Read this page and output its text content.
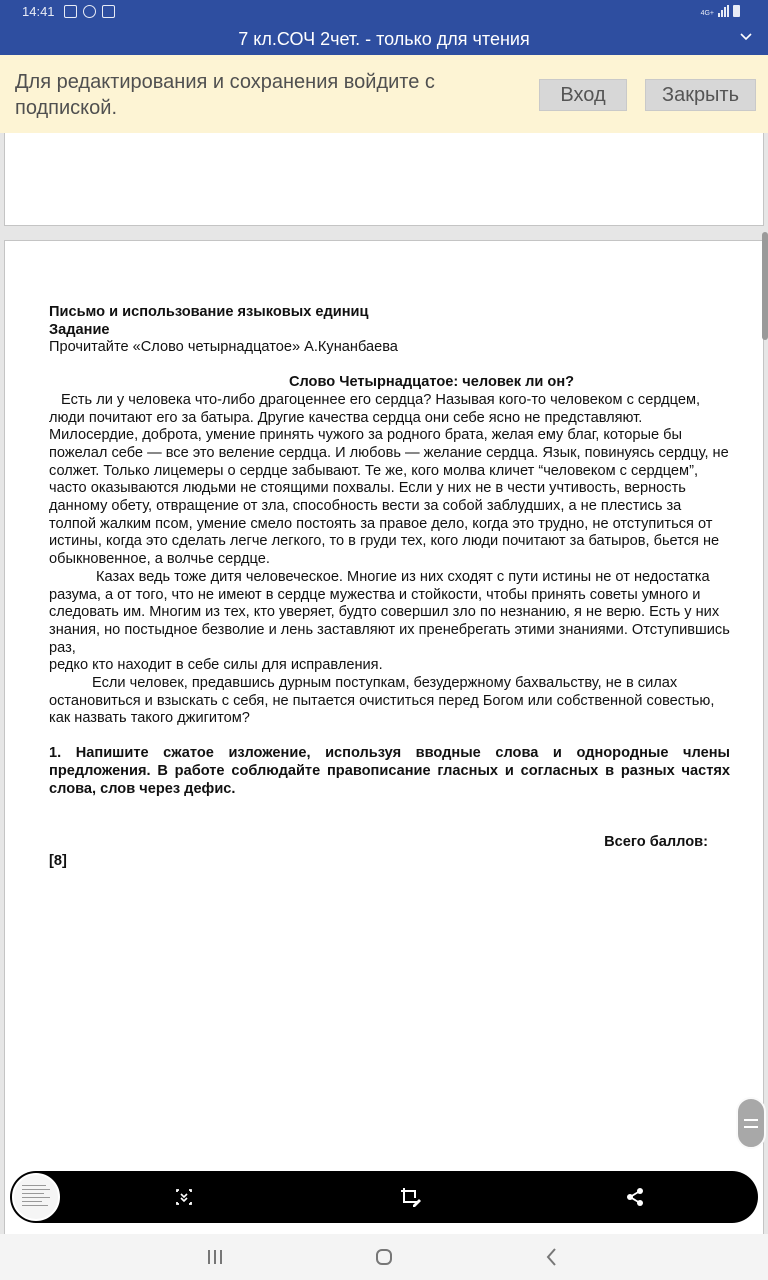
14:41	4G+
7 кл.СОЧ 2чет. - только для чтения
Для редактирования и сохранения войдите с подпиской.
Вход	Закрыть
Письмо и использование языковых единиц
Задание
Прочитайте «Слово четырнадцатое» А.Кунанбаева
Слово Четырнадцатое: человек ли он?
Есть ли у человека что-либо драгоценнее его сердца? Называя кого-то человеком с сердцем, люди почитают его за батыра. Другие качества сердца они себе ясно не представляют. Милосердие, доброта, умение принять чужого за родного брата, желая ему благ, которые бы пожелал себе — все это веление сердца. И любовь — желание сердца. Язык, повинуясь сердцу, не солжет. Только лицемеры о сердце забывают. Те же, кого молва кличет “человеком с сердцем”, часто оказываются людьми не стоящими похвалы. Если у них не в чести учтивость, верность данному обету, отвращение от зла, способность вести за собой заблудших, а не плестись за толпой жалким псом, умение смело постоять за правое дело, когда это трудно, не отступиться от истины, когда это сделать легче легкого, то в груди тех, кого люди почитают за батыров, бьется не обыкновенное, а волчье сердце.
Казах ведь тоже дитя человеческое. Многие из них сходят с пути истины не от недостатка разума, а от того, что не имеют в сердце мужества и стойкости, чтобы принять советы умного и следовать им. Многим из тех, кто уверяет, будто совершил зло по незнанию, я не верю. Есть у них знания, но постыдное безволие и лень заставляют их пренебрегать этими знаниями. Отступившись раз,
редко кто находит в себе силы для исправления.
Если человек, предавшись дурным поступкам, безудержному бахвальству, не в силах остановиться и взыскать с себя, не пытается очиститься перед Богом или собственной совестью, как назвать такого джигитом?
1. Напишите сжатое изложение, используя вводные слова и однородные члены предложения. В работе соблюдайте правописание гласных и согласных в разных частях слова, слов через дефис.
Всего баллов:
[8]
